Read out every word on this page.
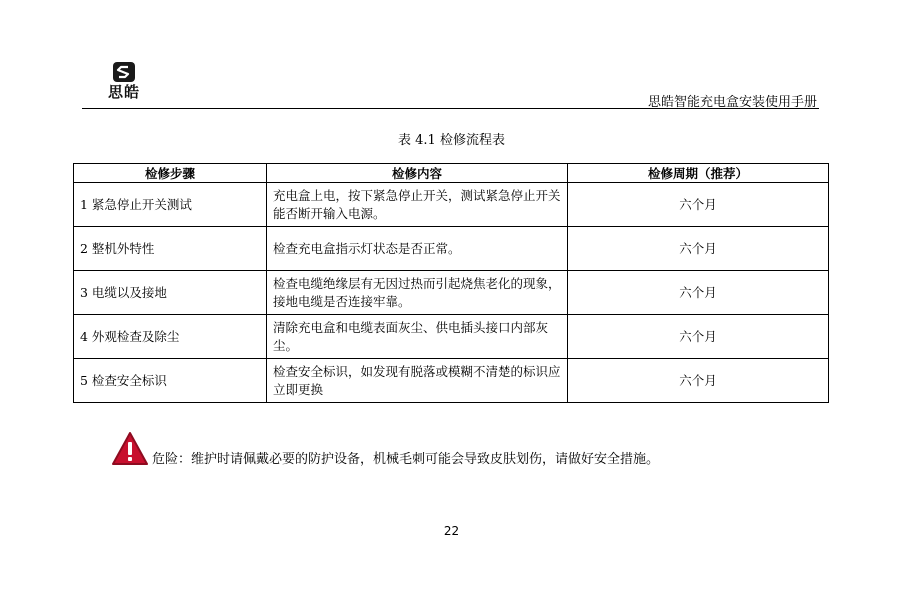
思皓
思皓智能充电盒安装使用手册
表 4.1 检修流程表
检修步骤	检修内容	检修周期（推荐）
1 紧急停止开关测试	充电盒上电，按下紧急停止开关，测试紧急停止开关能否断开输入电源。	六个月
2 整机外特性	检查充电盒指示灯状态是否正常。	六个月
3 电缆以及接地	检查电缆绝缘层有无因过热而引起烧焦老化的现象，接地电缆是否连接牢靠。	六个月
4 外观检查及除尘	清除充电盒和电缆表面灰尘、供电插头接口内部灰尘。	六个月
5 检查安全标识	检查安全标识，如发现有脱落或模糊不清楚的标识应立即更换	六个月
危险：维护时请佩戴必要的防护设备，机械毛刺可能会导致皮肤划伤，请做好安全措施。
22
